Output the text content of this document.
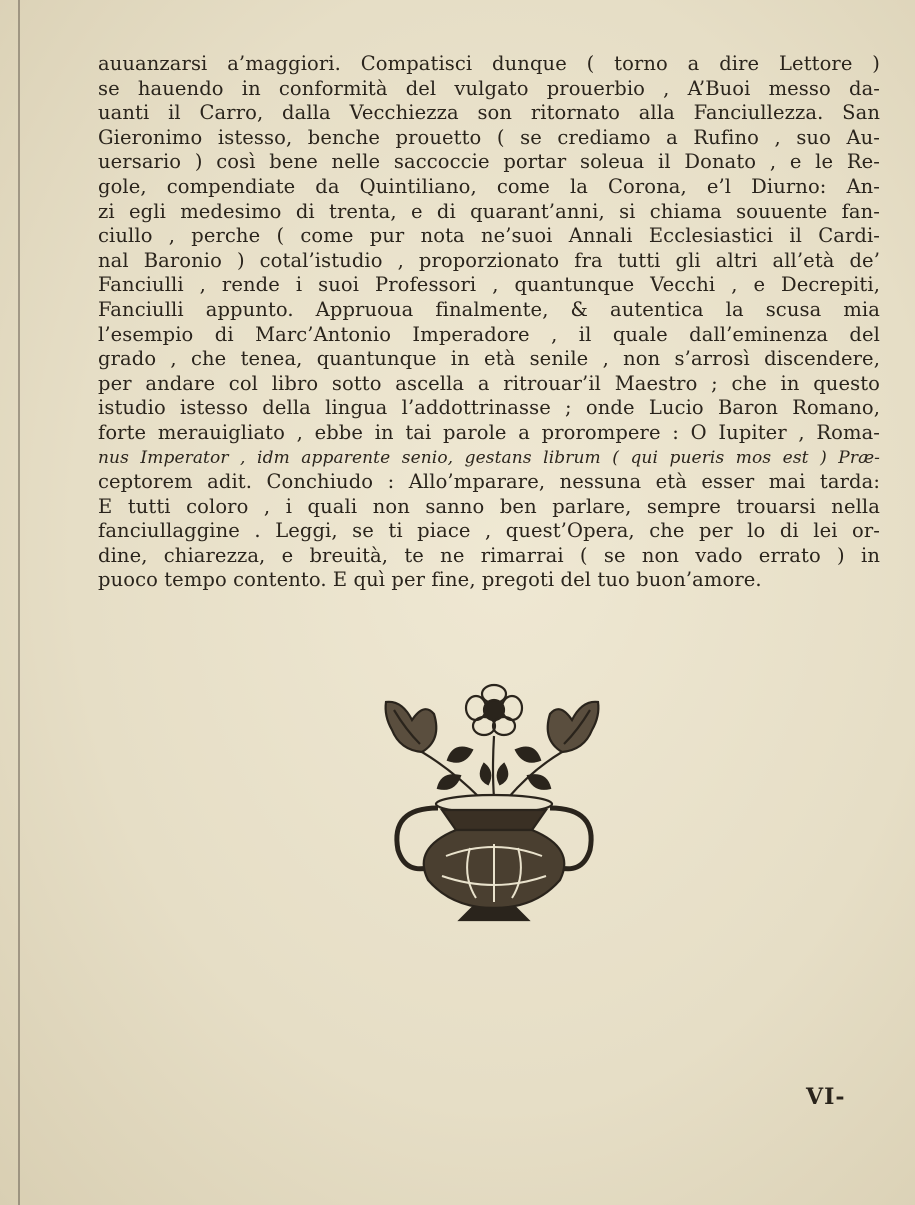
auuanzarsi a’maggiori. Compatisci dunque ( torno a dire Lettore )
se hauendo in conformità del vulgato prouerbio , A’Buoi messo da-
uanti il Carro, dalla Vecchiezza son ritornato alla Fanciullezza. San
Gieronimo istesso, benche prouetto ( se crediamo a Rufino , suo Au-
uersario ) così bene nelle saccoccie portar soleua il Donato , e le Re-
gole, compendiate da Quintiliano, come la Corona, e’l Diurno: An-
zi egli medesimo di trenta, e di quarant’anni, si chiama souuente fan-
ciullo , perche ( come pur nota ne’suoi Annali Ecclesiastici il Cardi-
nal Baronio ) cotal’istudio , proporzionato fra tutti gli altri all’età de’
Fanciulli , rende i suoi Professori , quantunque Vecchi , e Decrepiti,
Fanciulli appunto. Appruoua finalmente, & autentica la scusa mia
l’esempio di Marc’Antonio Imperadore , il quale dall’eminenza del
grado , che tenea, quantunque in età senile , non s’arrosì discendere,
per andare col libro sotto ascella a ritrouar’il Maestro ; che in questo
istudio istesso della lingua l’addottrinasse ; onde Lucio Baron Romano,
forte merauigliato , ebbe in tai parole a prorompere : O Iupiter , Roma-
nus Imperator , idm apparente senio, gestans librum ( qui pueris mos est ) Præ-
ceptorem adit. Conchiudo : Allo’mparare, nessuna età esser mai tarda:
E tutti coloro , i quali non sanno ben parlare, sempre trouarsi nella
fanciullaggine . Leggi, se ti piace , quest’Opera, che per lo di lei or-
dine, chiarezza, e breuità, te ne rimarrai ( se non vado errato ) in
puoco tempo contento. E quì per fine, pregoti del tuo buon’amore.
VI-
